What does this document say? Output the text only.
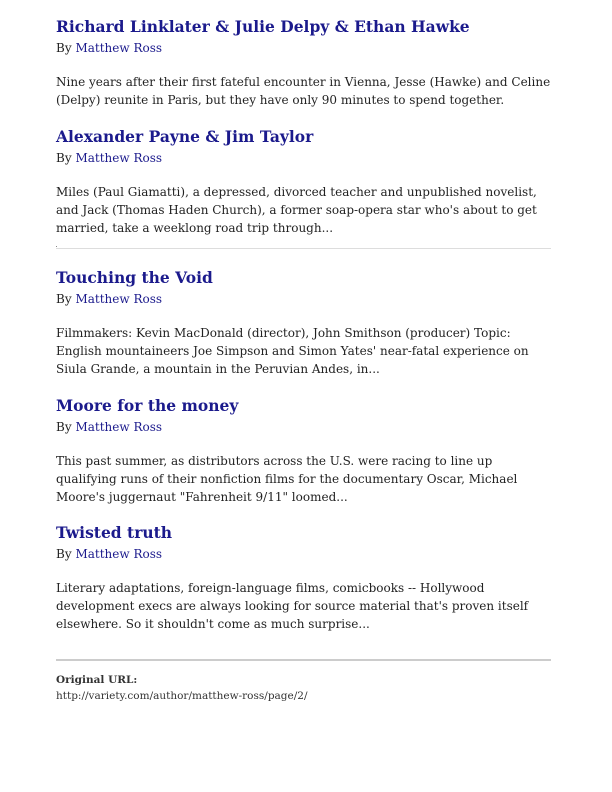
Richard Linklater & Julie Delpy & Ethan Hawke
By Matthew Ross
Nine years after their first fateful encounter in Vienna, Jesse (Hawke) and Celine (Delpy) reunite in Paris, but they have only 90 minutes to spend together.
Alexander Payne & Jim Taylor
By Matthew Ross
Miles (Paul Giamatti), a depressed, divorced teacher and unpublished novelist, and Jack (Thomas Haden Church), a former soap-opera star who's about to get married, take a weeklong road trip through...
Touching the Void
By Matthew Ross
Filmmakers: Kevin MacDonald (director), John Smithson (producer) Topic: English mountaineers Joe Simpson and Simon Yates' near-fatal experience on Siula Grande, a mountain in the Peruvian Andes, in...
Moore for the money
By Matthew Ross
This past summer, as distributors across the U.S. were racing to line up qualifying runs of their nonfiction films for the documentary Oscar, Michael Moore's juggernaut "Fahrenheit 9/11" loomed...
Twisted truth
By Matthew Ross
Literary adaptations, foreign-language films, comicbooks -- Hollywood development execs are always looking for source material that's proven itself elsewhere. So it shouldn't come as much surprise...
Original URL:
http://variety.com/author/matthew-ross/page/2/
